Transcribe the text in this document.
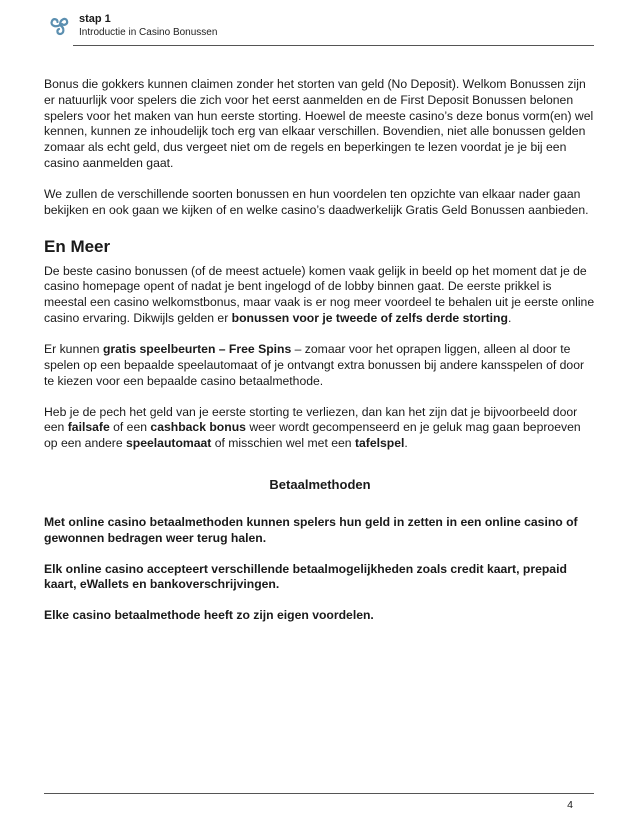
stap 1
Introductie in Casino Bonussen

Bonus die gokkers kunnen claimen zonder het storten van geld (No Deposit). Welkom Bonussen zijn er natuurlijk voor spelers die zich voor het eerst aanmelden en de First Deposit Bonussen belonen spelers voor het maken van hun eerste storting. Hoewel de meeste casino’s deze bonus vorm(en) wel kennen, kunnen ze inhoudelijk toch erg van elkaar verschillen. Bovendien, niet alle bonussen gelden zomaar als echt geld, dus vergeet niet om de regels en beperkingen te lezen voordat je je bij een casino aanmelden gaat.

We zullen de verschillende soorten bonussen en hun voordelen ten opzichte van elkaar nader gaan bekijken en ook gaan we kijken of en welke casino’s daadwerkelijk Gratis Geld Bonussen aanbieden.

En Meer

De beste casino bonussen (of de meest actuele) komen vaak gelijk in beeld op het moment dat je de casino homepage opent of nadat je bent ingelogd of de lobby binnen gaat. De eerste prikkel is meestal een casino welkomstbonus, maar vaak is er nog meer voordeel te behalen uit je eerste online casino ervaring. Dikwijls gelden er bonussen voor je tweede of zelfs derde storting.

Er kunnen gratis speelbeurten – Free Spins – zomaar voor het oprapen liggen, alleen al door te spelen op een bepaalde speelautomaat of je ontvangt extra bonussen bij andere kansspelen of door te kiezen voor een bepaalde casino betaalmethode.

Heb je de pech het geld van je eerste storting te verliezen, dan kan het zijn dat je bijvoorbeeld door een failsafe of een cashback bonus weer wordt gecompenseerd en je geluk mag gaan beproeven op een andere speelautomaat of misschien wel met een tafelspel.

Betaalmethoden

Met online casino betaalmethoden kunnen spelers hun geld in zetten in een online casino of gewonnen bedragen weer terug halen.

Elk online casino accepteert verschillende betaalmogelijkheden zoals credit kaart, prepaid kaart, eWallets en bankoverschrijvingen.

Elke casino betaalmethode heeft zo zijn eigen voordelen.

4
